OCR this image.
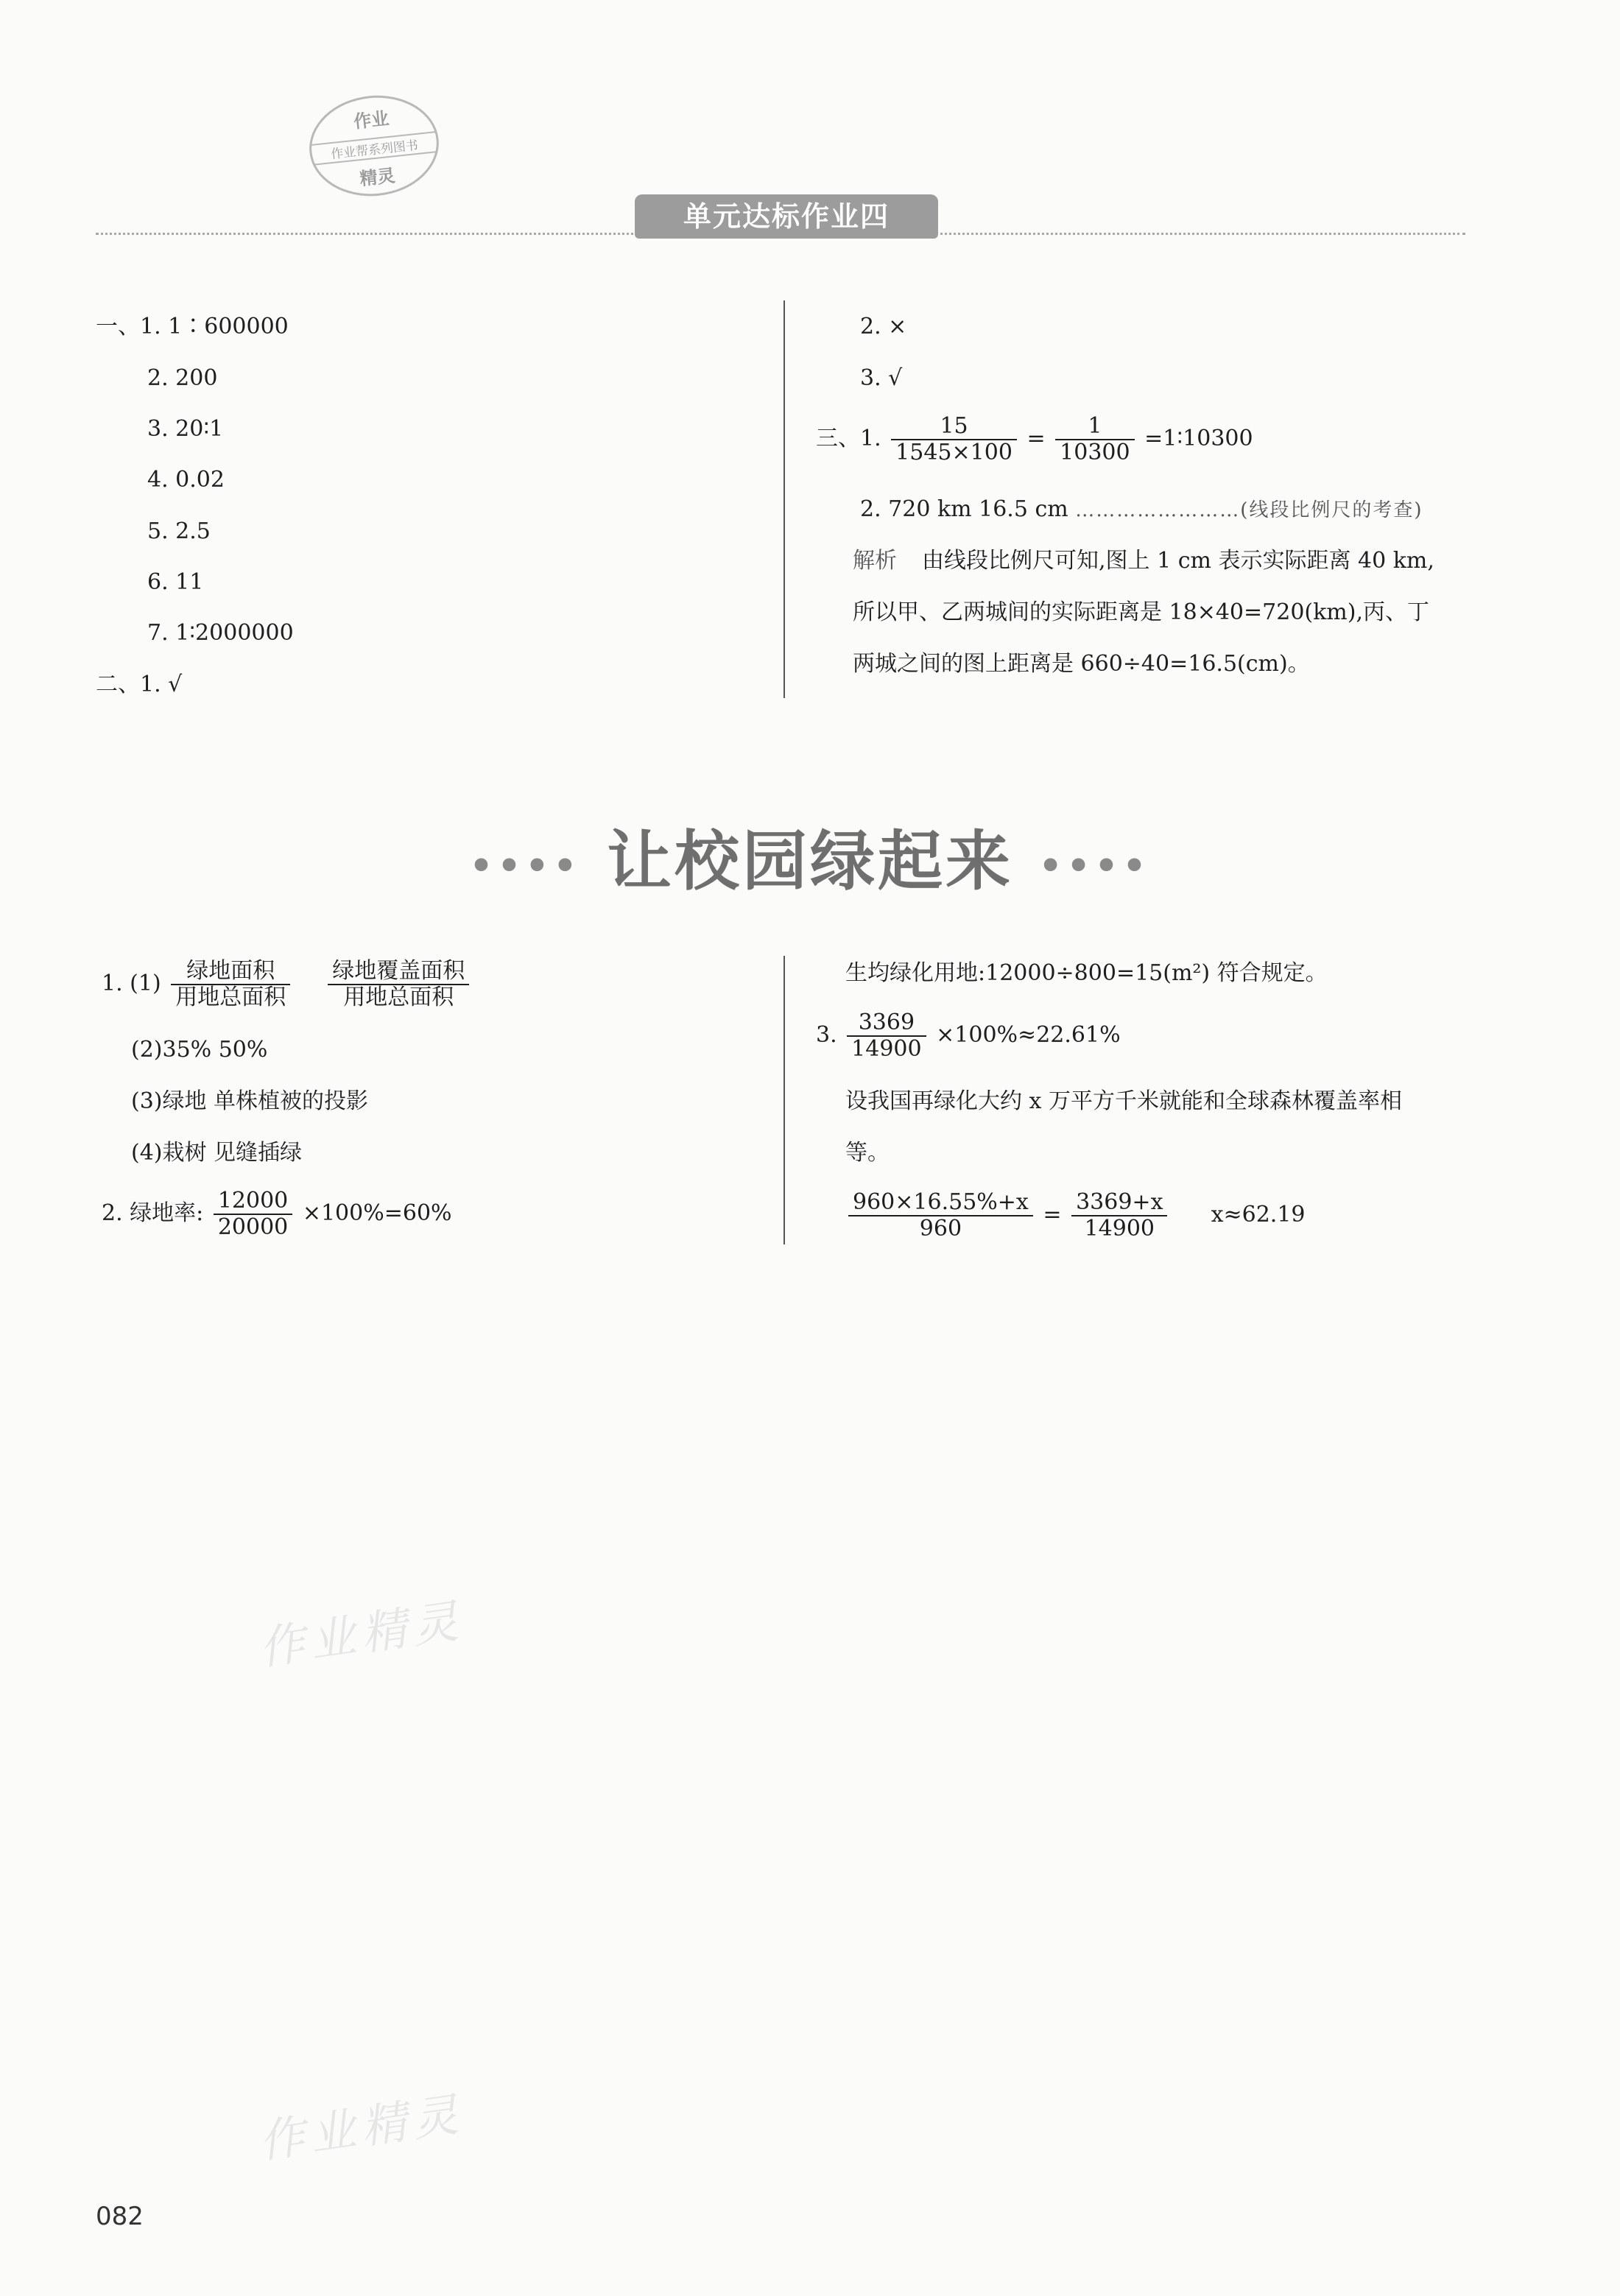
作业
作业帮系列图书
精灵
单元达标作业四
一、1. 1∶600000
2. 200
3. 20∶1
4. 0.02
5. 2.5
6. 11
7. 1∶2000000
二、1. √
2. ×
3. √
三、1. $\frac{15}{1545\times 100} = \frac{1}{10300}$ =1∶10300
2. 720 km 16.5 cm ……………………(线段比例尺的考查)
解析 由线段比例尺可知,图上 1 cm 表示实际距离 40 km,
所以甲、乙两城间的实际距离是 18×40=720(km),丙、丁
两城之间的图上距离是 660÷40=16.5(cm)。
•••• 让校园绿起来 ••••
1. $(1) \frac{\text{绿地面积}}{\text{用地总面积}}$
$\frac{\text{绿地覆盖面积}}{\text{用地总面积}}$
(2)35% 50%
(3)绿地 单株植被的投影
(4)栽树 见缝插绿
2. 绿地率: $\frac{12000}{20000} \times 100\%=60\%$
生均绿化用地:12000÷800=15(m²) 符合规定。
3. $\frac{3369}{14900} \times 100\%\approx 22.61\%$
设我国再绿化大约 x 万平方千米就能和全球森林覆盖率相
等。
$\frac{960\times 16.55\%+x}{960} = \frac{3369+x}{14900} x\approx 62.19$
作业精灵
作业精灵
082
